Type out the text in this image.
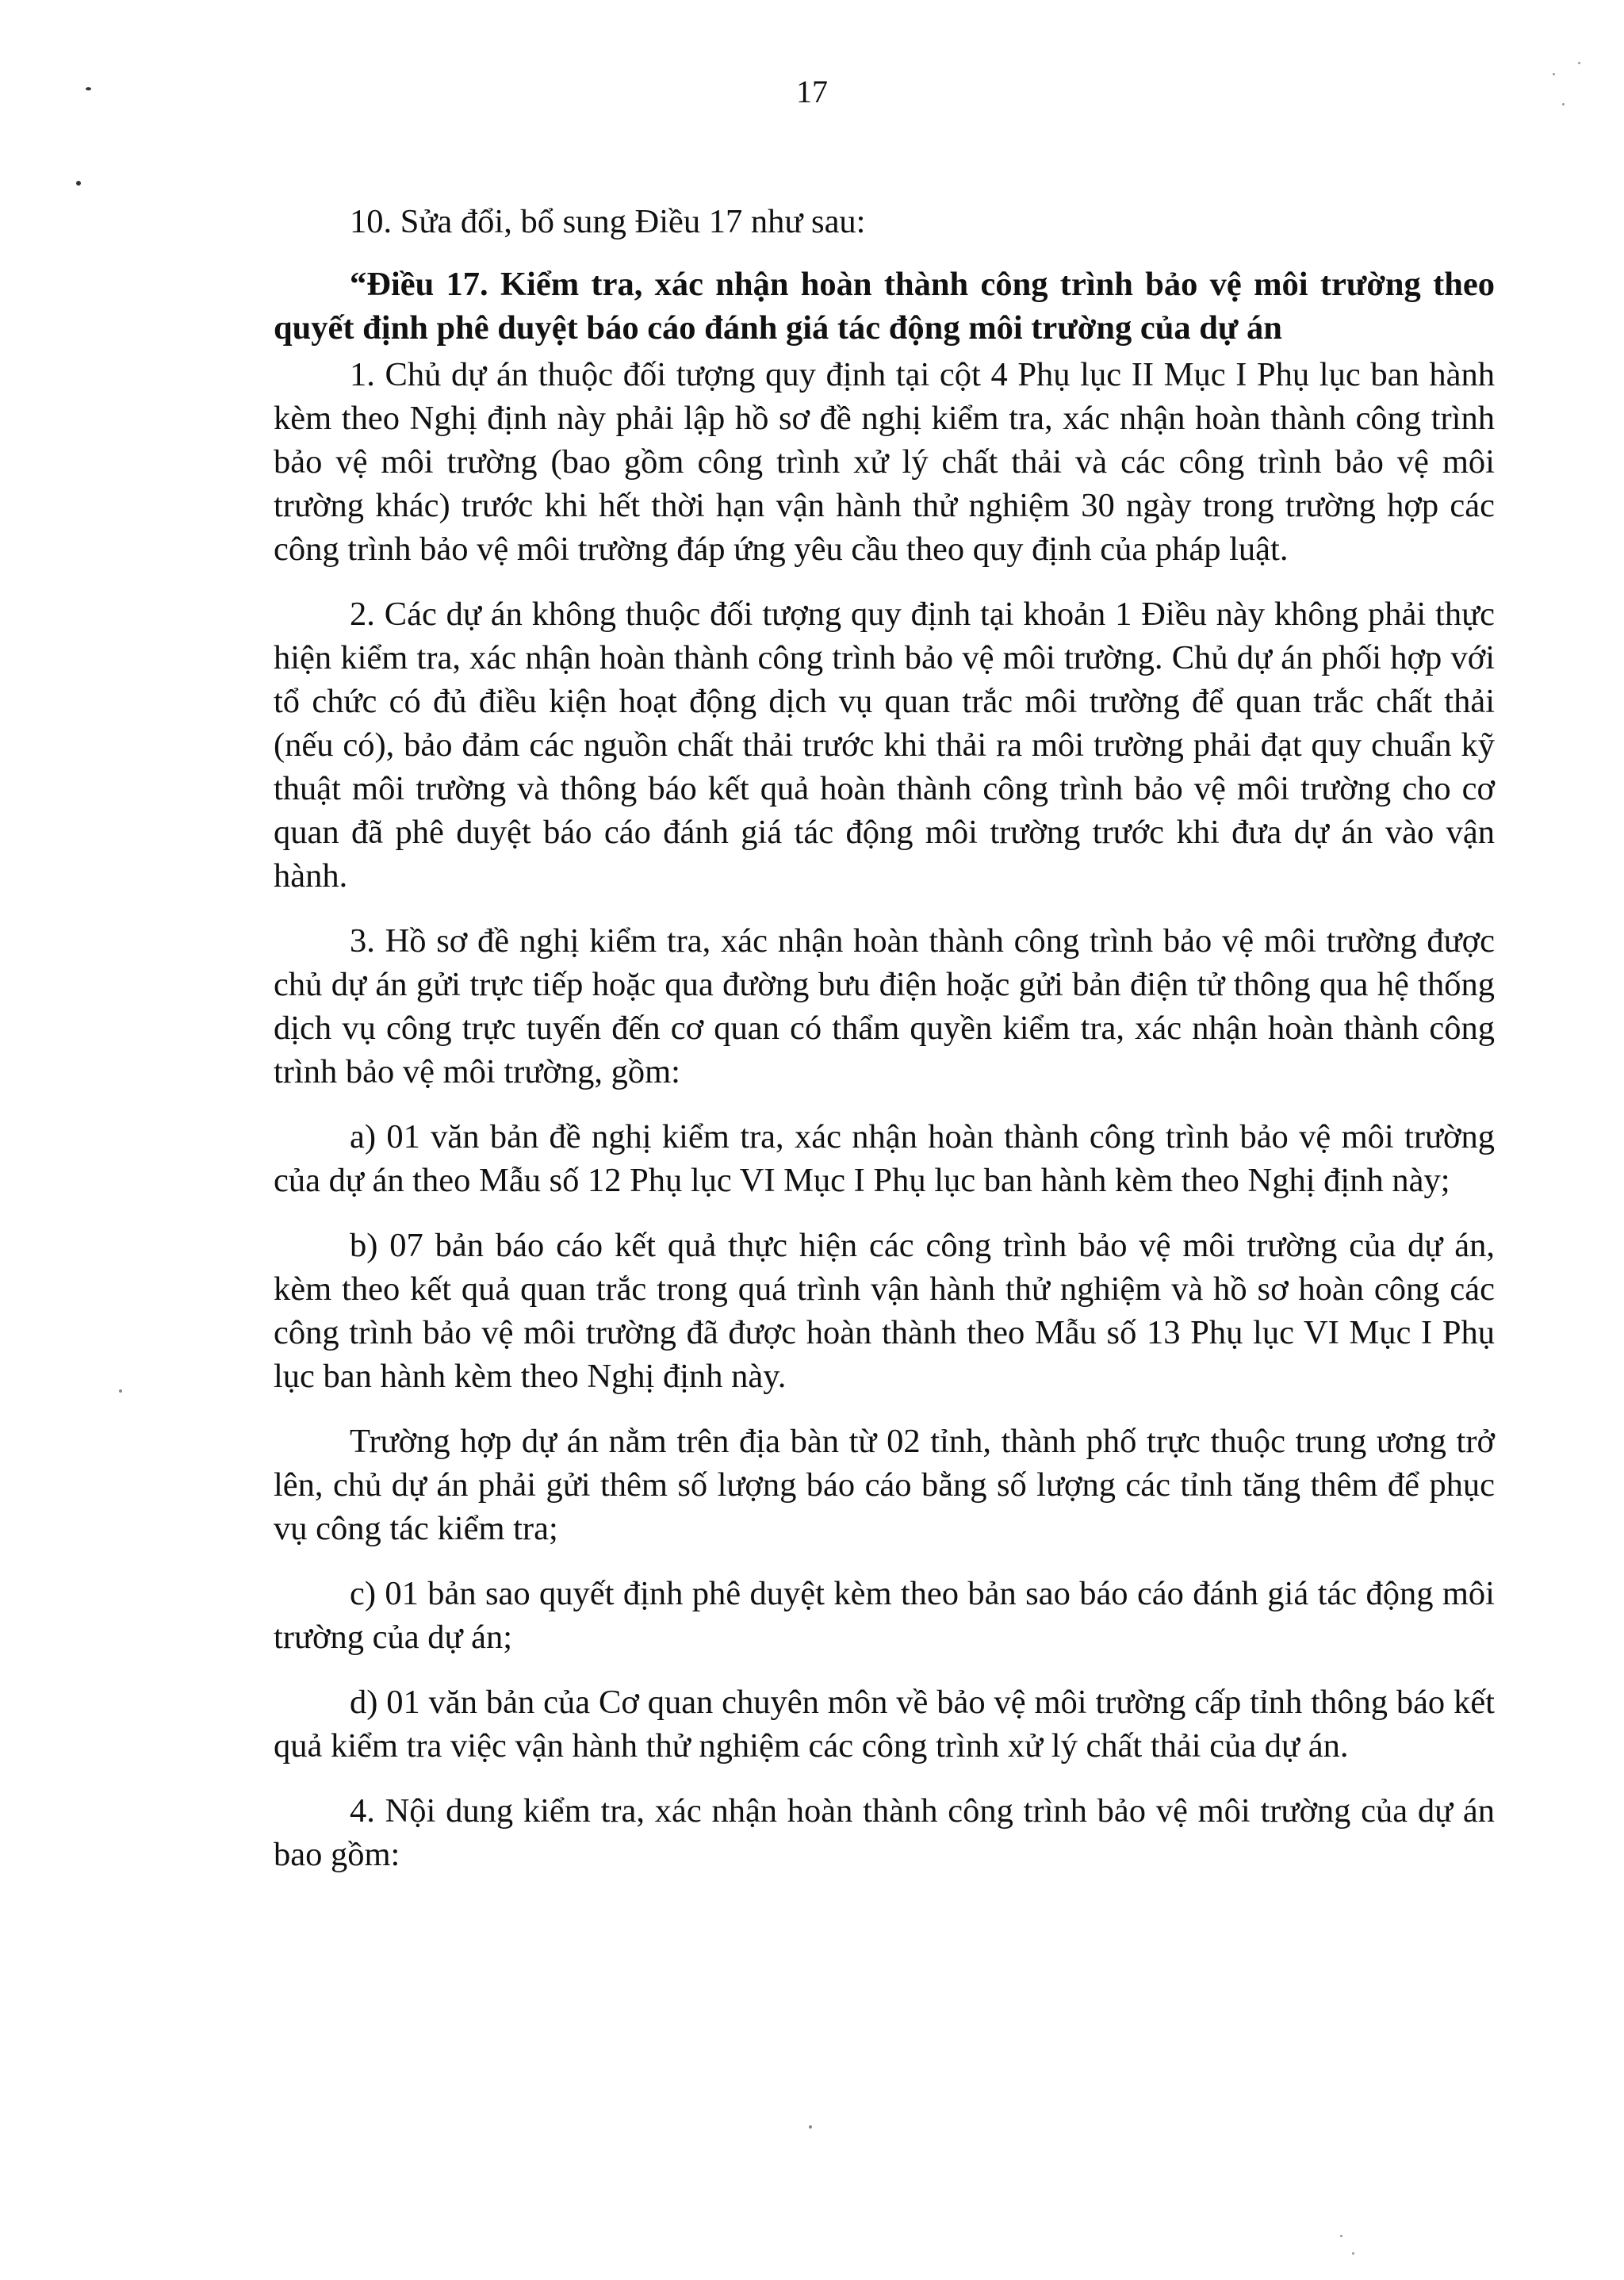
17

10. Sửa đổi, bổ sung Điều 17 như sau:

“Điều 17. Kiểm tra, xác nhận hoàn thành công trình bảo vệ môi trường theo quyết định phê duyệt báo cáo đánh giá tác động môi trường của dự án

1. Chủ dự án thuộc đối tượng quy định tại cột 4 Phụ lục II Mục I Phụ lục ban hành kèm theo Nghị định này phải lập hồ sơ đề nghị kiểm tra, xác nhận hoàn thành công trình bảo vệ môi trường (bao gồm công trình xử lý chất thải và các công trình bảo vệ môi trường khác) trước khi hết thời hạn vận hành thử nghiệm 30 ngày trong trường hợp các công trình bảo vệ môi trường đáp ứng yêu cầu theo quy định của pháp luật.

2. Các dự án không thuộc đối tượng quy định tại khoản 1 Điều này không phải thực hiện kiểm tra, xác nhận hoàn thành công trình bảo vệ môi trường. Chủ dự án phối hợp với tổ chức có đủ điều kiện hoạt động dịch vụ quan trắc môi trường để quan trắc chất thải (nếu có), bảo đảm các nguồn chất thải trước khi thải ra môi trường phải đạt quy chuẩn kỹ thuật môi trường và thông báo kết quả hoàn thành công trình bảo vệ môi trường cho cơ quan đã phê duyệt báo cáo đánh giá tác động môi trường trước khi đưa dự án vào vận hành.

3. Hồ sơ đề nghị kiểm tra, xác nhận hoàn thành công trình bảo vệ môi trường được chủ dự án gửi trực tiếp hoặc qua đường bưu điện hoặc gửi bản điện tử thông qua hệ thống dịch vụ công trực tuyến đến cơ quan có thẩm quyền kiểm tra, xác nhận hoàn thành công trình bảo vệ môi trường, gồm:

a) 01 văn bản đề nghị kiểm tra, xác nhận hoàn thành công trình bảo vệ môi trường của dự án theo Mẫu số 12 Phụ lục VI Mục I Phụ lục ban hành kèm theo Nghị định này;

b) 07 bản báo cáo kết quả thực hiện các công trình bảo vệ môi trường của dự án, kèm theo kết quả quan trắc trong quá trình vận hành thử nghiệm và hồ sơ hoàn công các công trình bảo vệ môi trường đã được hoàn thành theo Mẫu số 13 Phụ lục VI Mục I Phụ lục ban hành kèm theo Nghị định này.

Trường hợp dự án nằm trên địa bàn từ 02 tỉnh, thành phố trực thuộc trung ương trở lên, chủ dự án phải gửi thêm số lượng báo cáo bằng số lượng các tỉnh tăng thêm để phục vụ công tác kiểm tra;

c) 01 bản sao quyết định phê duyệt kèm theo bản sao báo cáo đánh giá tác động môi trường của dự án;

d) 01 văn bản của Cơ quan chuyên môn về bảo vệ môi trường cấp tỉnh thông báo kết quả kiểm tra việc vận hành thử nghiệm các công trình xử lý chất thải của dự án.

4. Nội dung kiểm tra, xác nhận hoàn thành công trình bảo vệ môi trường của dự án bao gồm:
